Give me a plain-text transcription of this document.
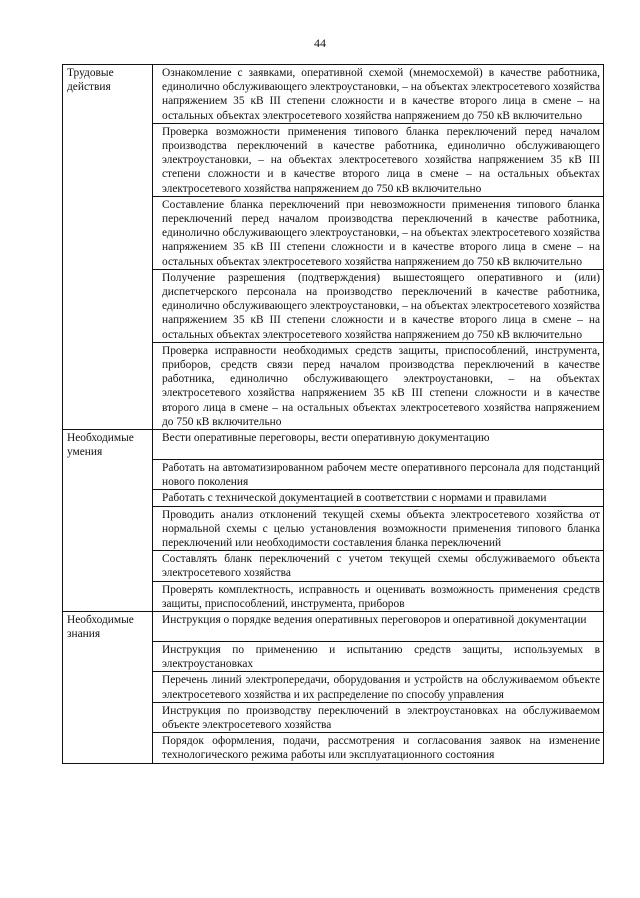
44
Трудовые действия	Ознакомление с заявками, оперативной схемой (мнемосхемой) в качестве работника, единолично обслуживающего электроустановки, – на объектах электросетевого хозяйства напряжением 35 кВ III степени сложности и в качестве второго лица в смене – на остальных объектах электросетевого хозяйства напряжением до 750 кВ включительно
	Проверка возможности применения типового бланка переключений перед началом производства переключений в качестве работника, единолично обслуживающего электроустановки, – на объектах электросетевого хозяйства напряжением 35 кВ III степени сложности и в качестве второго лица в смене – на остальных объектах электросетевого хозяйства напряжением до 750 кВ включительно
	Составление бланка переключений при невозможности применения типового бланка переключений перед началом производства переключений в качестве работника, единолично обслуживающего электроустановки, – на объектах электросетевого хозяйства напряжением 35 кВ III степени сложности и в качестве второго лица в смене – на остальных объектах электросетевого хозяйства напряжением до 750 кВ включительно
	Получение разрешения (подтверждения) вышестоящего оперативного и (или) диспетчерского персонала на производство переключений в качестве работника, единолично обслуживающего электроустановки, – на объектах электросетевого хозяйства напряжением 35 кВ III степени сложности и в качестве второго лица в смене – на остальных объектах электросетевого хозяйства напряжением до 750 кВ включительно
	Проверка исправности необходимых средств защиты, приспособлений, инструмента, приборов, средств связи перед началом производства переключений в качестве работника, единолично обслуживающего электроустановки, – на объектах электросетевого хозяйства напряжением 35 кВ III степени сложности и в качестве второго лица в смене – на остальных объектах электросетевого хозяйства напряжением до 750 кВ включительно
Необходимые умения	Вести оперативные переговоры, вести оперативную документацию
	Работать на автоматизированном рабочем месте оперативного персонала для подстанций нового поколения
	Работать с технической документацией в соответствии с нормами и правилами
	Проводить анализ отклонений текущей схемы объекта электросетевого хозяйства от нормальной схемы с целью установления возможности применения типового бланка переключений или необходимости составления бланка переключений
	Составлять бланк переключений с учетом текущей схемы обслуживаемого объекта электросетевого хозяйства
	Проверять комплектность, исправность и оценивать возможность применения средств защиты, приспособлений, инструмента, приборов
Необходимые знания	Инструкция о порядке ведения оперативных переговоров и оперативной документации
	Инструкция по применению и испытанию средств защиты, используемых в электроустановках
	Перечень линий электропередачи, оборудования и устройств на обслуживаемом объекте электросетевого хозяйства и их распределение по способу управления
	Инструкция по производству переключений в электроустановках на обслуживаемом объекте электросетевого хозяйства
	Порядок оформления, подачи, рассмотрения и согласования заявок на изменение технологического режима работы или эксплуатационного состояния
